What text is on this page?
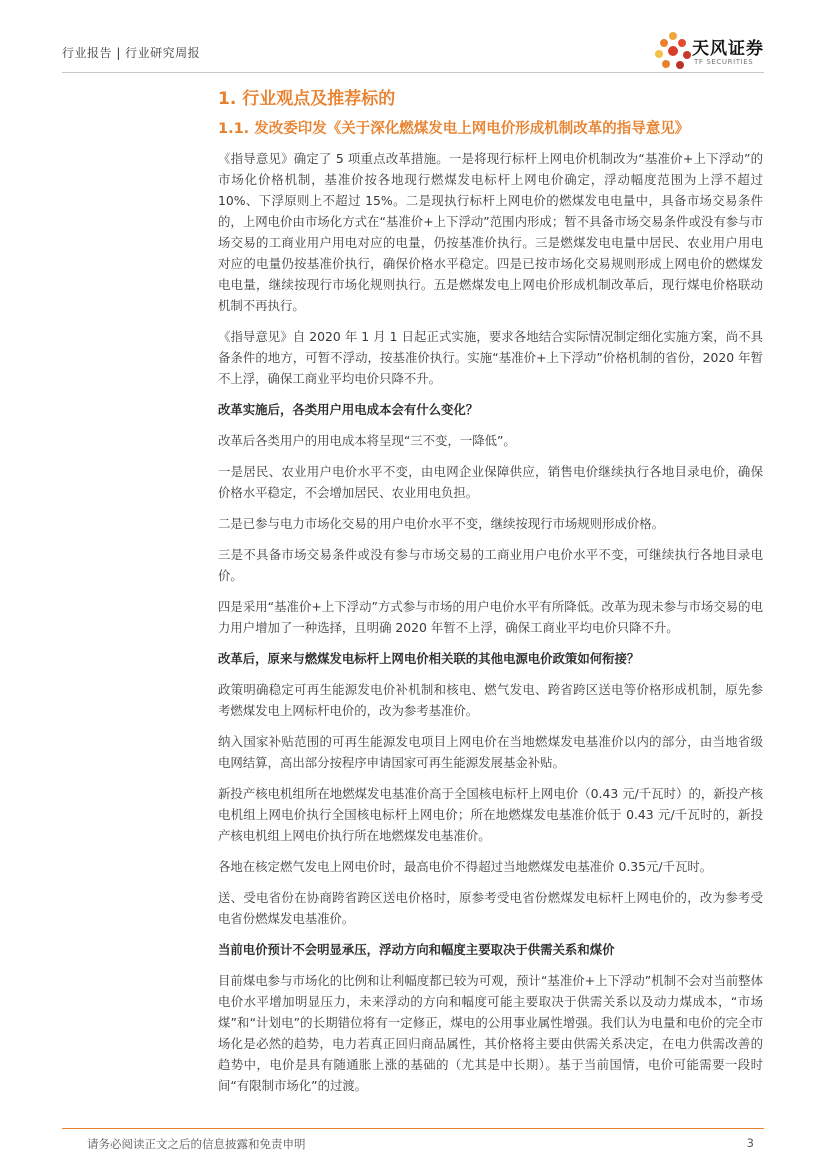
行业报告 | 行业研究周报	天风证券
TF SECURITIES
1. 行业观点及推荐标的
1.1. 发改委印发《关于深化燃煤发电上网电价形成机制改革的指导意见》

《指导意见》确定了 5 项重点改革措施。一是将现行标杆上网电价机制改为“基准价+上下浮动”的市场化价格机制，基准价按各地现行燃煤发电标杆上网电价确定，浮动幅度范围为上浮不超过 10%、下浮原则上不超过 15%。二是现执行标杆上网电价的燃煤发电电量中，具备市场交易条件的，上网电价由市场化方式在“基准价+上下浮动”范围内形成；暂不具备市场交易条件或没有参与市场交易的工商业用户用电对应的电量，仍按基准价执行。三是燃煤发电电量中居民、农业用户用电对应的电量仍按基准价执行，确保价格水平稳定。四是已按市场化交易规则形成上网电价的燃煤发电电量，继续按现行市场化规则执行。五是燃煤发电上网电价形成机制改革后，现行煤电价格联动机制不再执行。

《指导意见》自 2020 年 1 月 1 日起正式实施，要求各地结合实际情况制定细化实施方案，尚不具备条件的地方，可暂不浮动，按基准价执行。实施“基准价+上下浮动”价格机制的省份，2020 年暂不上浮，确保工商业平均电价只降不升。

改革实施后，各类用户用电成本会有什么变化？

改革后各类用户的用电成本将呈现“三不变，一降低”。

一是居民、农业用户电价水平不变，由电网企业保障供应，销售电价继续执行各地目录电价，确保价格水平稳定，不会增加居民、农业用电负担。

二是已参与电力市场化交易的用户电价水平不变，继续按现行市场规则形成价格。

三是不具备市场交易条件或没有参与市场交易的工商业用户电价水平不变，可继续执行各地目录电价。

四是采用“基准价+上下浮动”方式参与市场的用户电价水平有所降低。改革为现未参与市场交易的电力用户增加了一种选择，且明确 2020 年暂不上浮，确保工商业平均电价只降不升。

改革后，原来与燃煤发电标杆上网电价相关联的其他电源电价政策如何衔接？

政策明确稳定可再生能源发电价补机制和核电、燃气发电、跨省跨区送电等价格形成机制，原先参考燃煤发电上网标杆电价的，改为参考基准价。

纳入国家补贴范围的可再生能源发电项目上网电价在当地燃煤发电基准价以内的部分，由当地省级电网结算，高出部分按程序申请国家可再生能源发展基金补贴。

新投产核电机组所在地燃煤发电基准价高于全国核电标杆上网电价（0.43 元/千瓦时）的，新投产核电机组上网电价执行全国核电标杆上网电价；所在地燃煤发电基准价低于 0.43 元/千瓦时的，新投产核电机组上网电价执行所在地燃煤发电基准价。

各地在核定燃气发电上网电价时，最高电价不得超过当地燃煤发电基准价 0.35元/千瓦时。

送、受电省份在协商跨省跨区送电价格时，原参考受电省份燃煤发电标杆上网电价的，改为参考受电省份燃煤发电基准价。

当前电价预计不会明显承压，浮动方向和幅度主要取决于供需关系和煤价

目前煤电参与市场化的比例和让利幅度都已较为可观，预计“基准价+上下浮动”机制不会对当前整体电价水平增加明显压力，未来浮动的方向和幅度可能主要取决于供需关系以及动力煤成本，“市场煤”和“计划电”的长期错位将有一定修正，煤电的公用事业属性增强。我们认为电量和电价的完全市场化是必然的趋势，电力若真正回归商品属性，其价格将主要由供需关系决定，在电力供需改善的趋势中，电价是具有随通胀上涨的基础的（尤其是中长期）。基于当前国情，电价可能需要一段时间“有限制市场化”的过渡。

请务必阅读正文之后的信息披露和免责申明	3
